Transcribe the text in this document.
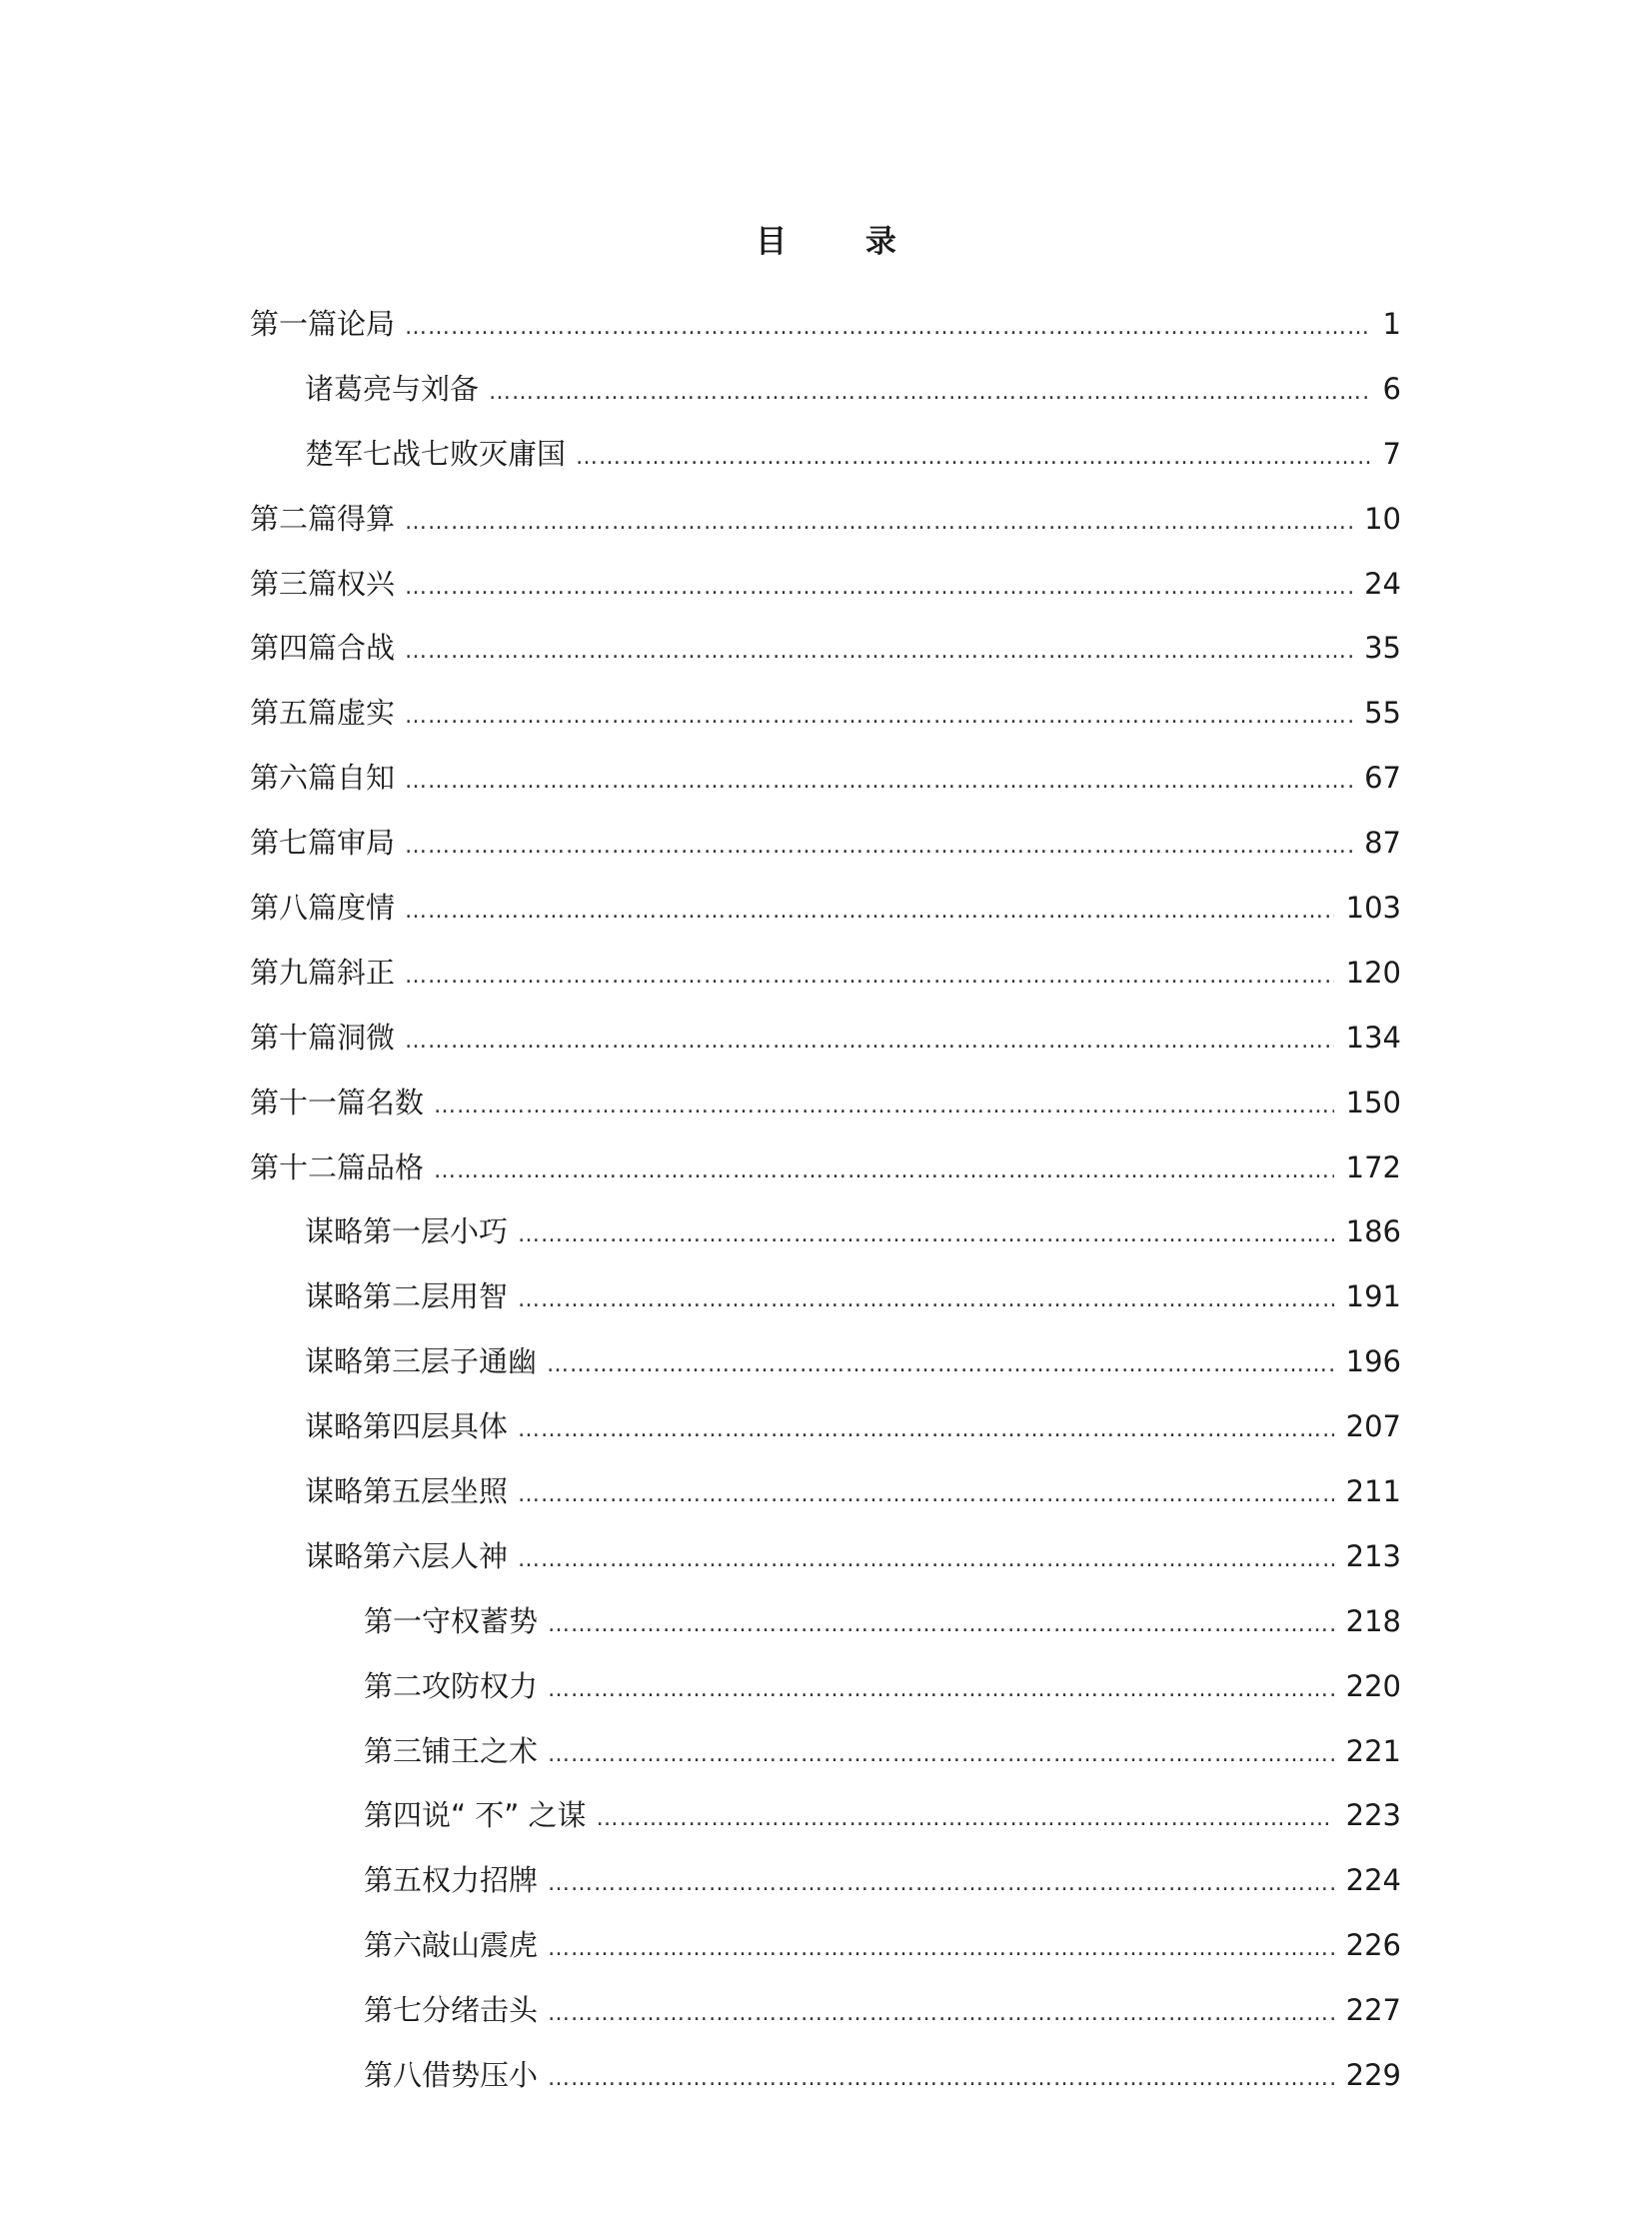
目 录
第一篇论局 …………………………………………………………………………………………………………………………………………………………………………………………………………	1
诸葛亮与刘备 …………………………………………………………………………………………………………………………………………………………………………………………………………	6
楚军七战七败灭庸国 …………………………………………………………………………………………………………………………………………………………………………………………………………	7
第二篇得算 …………………………………………………………………………………………………………………………………………………………………………………………………………	10
第三篇权兴 …………………………………………………………………………………………………………………………………………………………………………………………………………	24
第四篇合战 …………………………………………………………………………………………………………………………………………………………………………………………………………	35
第五篇虚实 …………………………………………………………………………………………………………………………………………………………………………………………………………	55
第六篇自知 …………………………………………………………………………………………………………………………………………………………………………………………………………	67
第七篇审局 …………………………………………………………………………………………………………………………………………………………………………………………………………	87
第八篇度情 …………………………………………………………………………………………………………………………………………………………………………………………………………	103
第九篇斜正 …………………………………………………………………………………………………………………………………………………………………………………………………………	120
第十篇洞微 …………………………………………………………………………………………………………………………………………………………………………………………………………	134
第十一篇名数 …………………………………………………………………………………………………………………………………………………………………………………………………………	150
第十二篇品格 …………………………………………………………………………………………………………………………………………………………………………………………………………	172
谋略第一层小巧 …………………………………………………………………………………………………………………………………………………………………………………………………………	186
谋略第二层用智 …………………………………………………………………………………………………………………………………………………………………………………………………………	191
谋略第三层子通幽 …………………………………………………………………………………………………………………………………………………………………………………………………………	196
谋略第四层具体 …………………………………………………………………………………………………………………………………………………………………………………………………………	207
谋略第五层坐照 …………………………………………………………………………………………………………………………………………………………………………………………………………	211
谋略第六层人神 …………………………………………………………………………………………………………………………………………………………………………………………………………	213
第一守权蓄势 …………………………………………………………………………………………………………………………………………………………………………………………………………	218
第二攻防权力 …………………………………………………………………………………………………………………………………………………………………………………………………………	220
第三铺王之术 …………………………………………………………………………………………………………………………………………………………………………………………………………	221
第四说“ 不” 之谋 …………………………………………………………………………………………………………………………………………………………………………………………………………	223
第五权力招牌 …………………………………………………………………………………………………………………………………………………………………………………………………………	224
第六敲山震虎 …………………………………………………………………………………………………………………………………………………………………………………………………………	226
第七分绪击头 …………………………………………………………………………………………………………………………………………………………………………………………………………	227
第八借势压小 …………………………………………………………………………………………………………………………………………………………………………………………………………	229
